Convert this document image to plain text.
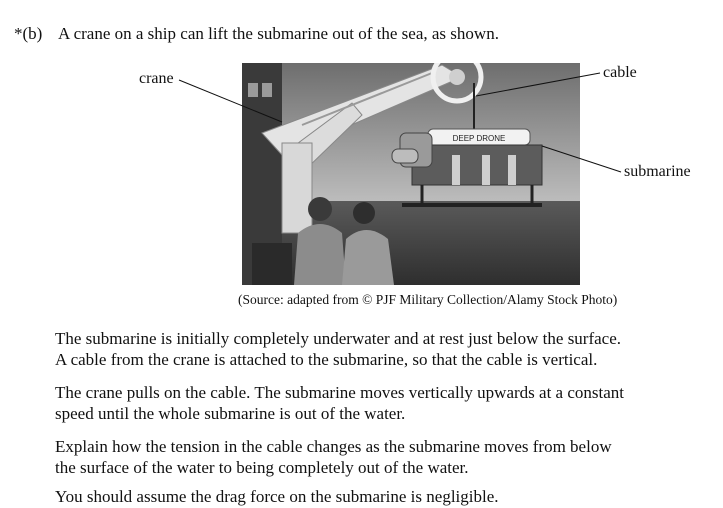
*(b) A crane on a ship can lift the submarine out of the sea, as shown.
DEEP DRONE
crane	cable
submarine
(Source: adapted from © PJF Military Collection/Alamy Stock Photo)

The submarine is initially completely underwater and at rest just below the surface.
A cable from the crane is attached to the submarine, so that the cable is vertical.

The crane pulls on the cable. The submarine moves vertically upwards at a constant
speed until the whole submarine is out of the water.

Explain how the tension in the cable changes as the submarine moves from below
the surface of the water to being completely out of the water.

You should assume the drag force on the submarine is negligible.
